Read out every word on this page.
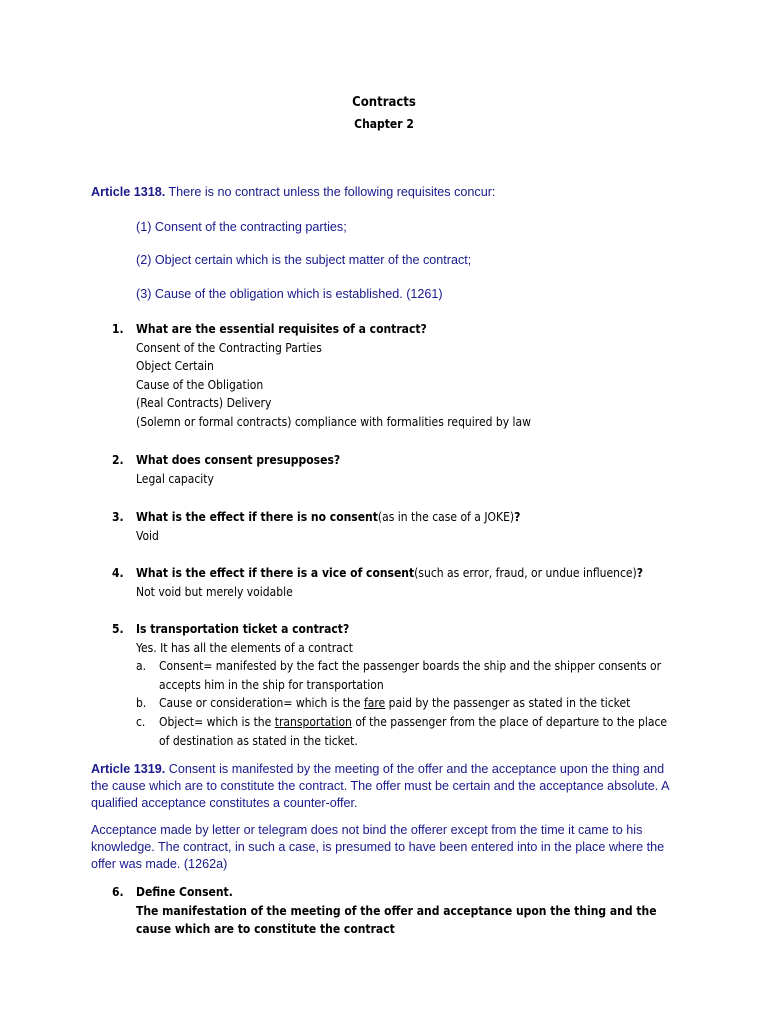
Contracts
Chapter 2
Article 1318. There is no contract unless the following requisites concur:
(1) Consent of the contracting parties;
(2) Object certain which is the subject matter of the contract;
(3) Cause of the obligation which is established. (1261)
1. What are the essential requisites of a contract?
Consent of the Contracting Parties
Object Certain
Cause of the Obligation
(Real Contracts) Delivery
(Solemn or formal contracts) compliance with formalities required by law
2. What does consent presupposes?
Legal capacity
3. What is the effect if there is no consent(as in the case of a JOKE)?
Void
4. What is the effect if there is a vice of consent(such as error, fraud, or undue influence)?
Not void but merely voidable
5. Is transportation ticket a contract?
Yes. It has all the elements of a contract
a. Consent= manifested by the fact the passenger boards the ship and the shipper consents or accepts him in the ship for transportation
b. Cause or consideration= which is the fare paid by the passenger as stated in the ticket
c. Object= which is the transportation of the passenger from the place of departure to the place of destination as stated in the ticket.
Article 1319. Consent is manifested by the meeting of the offer and the acceptance upon the thing and the cause which are to constitute the contract. The offer must be certain and the acceptance absolute. A qualified acceptance constitutes a counter-offer.
Acceptance made by letter or telegram does not bind the offerer except from the time it came to his knowledge. The contract, in such a case, is presumed to have been entered into in the place where the offer was made. (1262a)
6. Define Consent.
The manifestation of the meeting of the offer and acceptance upon the thing and the cause which are to constitute the contract
